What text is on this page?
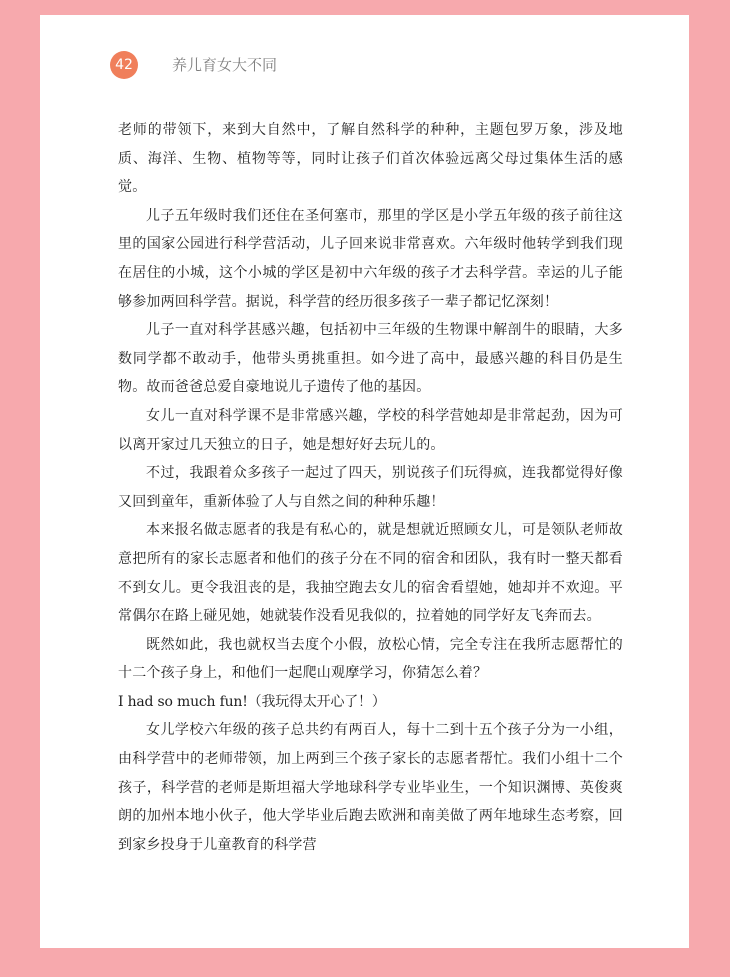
42	养儿育女大不同

老师的带领下，来到大自然中，了解自然科学的种种，主题包罗万象，涉及地质、海洋、生物、植物等等，同时让孩子们首次体验远离父母过集体生活的感觉。

儿子五年级时我们还住在圣何塞市，那里的学区是小学五年级的孩子前往这里的国家公园进行科学营活动，儿子回来说非常喜欢。六年级时他转学到我们现在居住的小城，这个小城的学区是初中六年级的孩子才去科学营。幸运的儿子能够参加两回科学营。据说，科学营的经历很多孩子一辈子都记忆深刻！

儿子一直对科学甚感兴趣，包括初中三年级的生物课中解剖牛的眼睛，大多数同学都不敢动手，他带头勇挑重担。如今进了高中，最感兴趣的科目仍是生物。故而爸爸总爱自豪地说儿子遗传了他的基因。

女儿一直对科学课不是非常感兴趣，学校的科学营她却是非常起劲，因为可以离开家过几天独立的日子，她是想好好去玩儿的。

不过，我跟着众多孩子一起过了四天，别说孩子们玩得疯，连我都觉得好像又回到童年，重新体验了人与自然之间的种种乐趣！

本来报名做志愿者的我是有私心的，就是想就近照顾女儿，可是领队老师故意把所有的家长志愿者和他们的孩子分在不同的宿舍和团队，我有时一整天都看不到女儿。更令我沮丧的是，我抽空跑去女儿的宿舍看望她，她却并不欢迎。平常偶尔在路上碰见她，她就装作没看见我似的，拉着她的同学好友飞奔而去。

既然如此，我也就权当去度个小假，放松心情，完全专注在我所志愿帮忙的十二个孩子身上，和他们一起爬山观摩学习，你猜怎么着？

I had so much fun!（我玩得太开心了！）

女儿学校六年级的孩子总共约有两百人，每十二到十五个孩子分为一小组，由科学营中的老师带领，加上两到三个孩子家长的志愿者帮忙。我们小组十二个孩子，科学营的老师是斯坦福大学地球科学专业毕业生，一个知识渊博、英俊爽朗的加州本地小伙子，他大学毕业后跑去欧洲和南美做了两年地球生态考察，回到家乡投身于儿童教育的科学营
